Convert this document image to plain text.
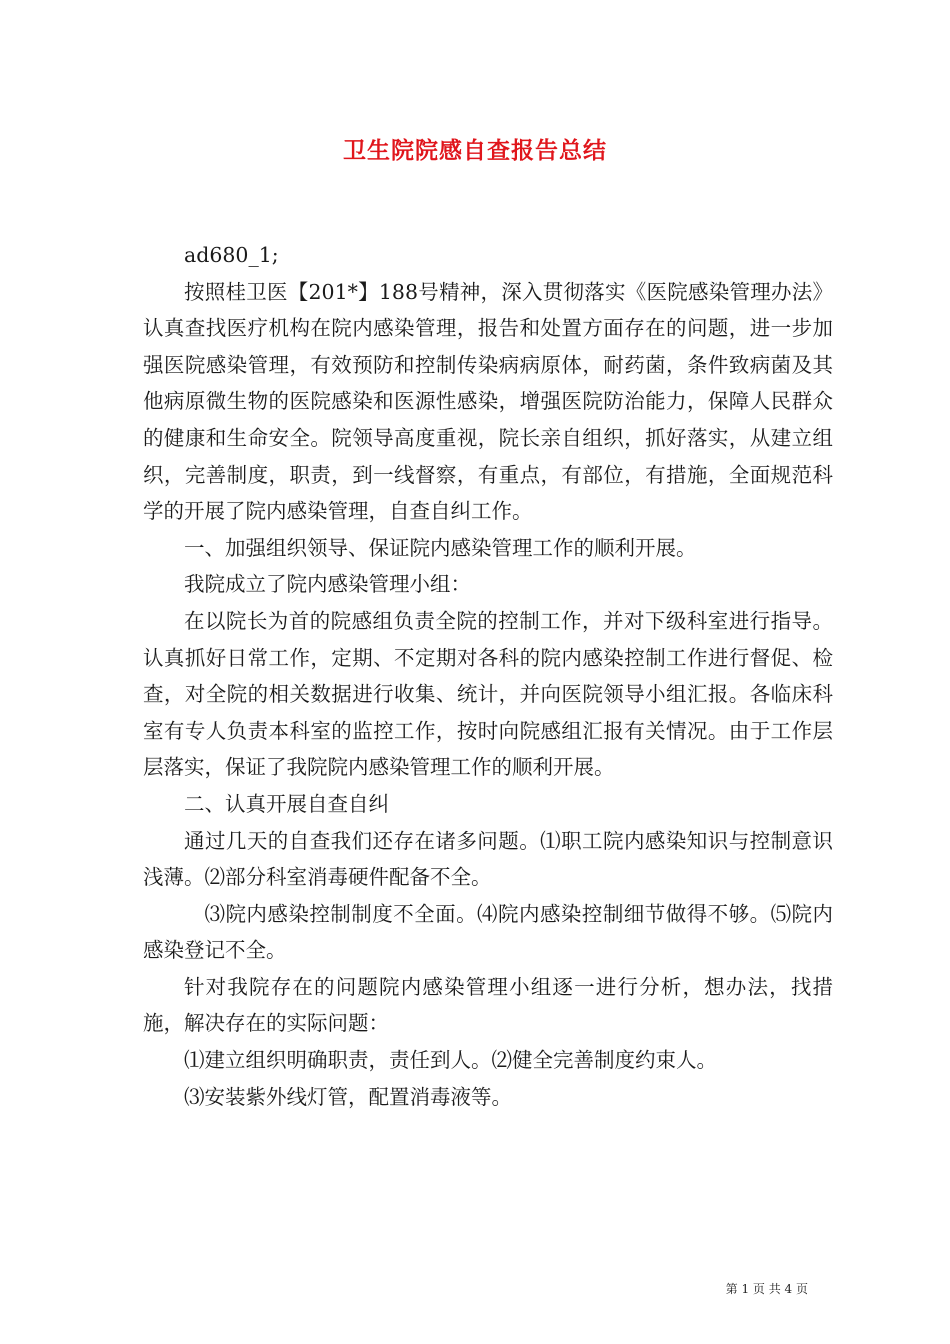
卫生院院感自查报告总结

ad680_1;

按照桂卫医【201*】188号精神，深入贯彻落实《医院感染管理办法》认真查找医疗机构在院内感染管理，报告和处置方面存在的问题，进一步加强医院感染管理，有效预防和控制传染病病原体，耐药菌，条件致病菌及其他病原微生物的医院感染和医源性感染，增强医院防治能力，保障人民群众的健康和生命安全。院领导高度重视，院长亲自组织，抓好落实，从建立组织，完善制度，职责，到一线督察，有重点，有部位，有措施，全面规范科学的开展了院内感染管理，自查自纠工作。

一、加强组织领导、保证院内感染管理工作的顺利开展。

我院成立了院内感染管理小组：

在以院长为首的院感组负责全院的控制工作，并对下级科室进行指导。认真抓好日常工作，定期、不定期对各科的院内感染控制工作进行督促、检查，对全院的相关数据进行收集、统计，并向医院领导小组汇报。各临床科室有专人负责本科室的监控工作，按时向院感组汇报有关情况。由于工作层层落实，保证了我院院内感染管理工作的顺利开展。

二、认真开展自查自纠

通过几天的自查我们还存在诸多问题。⑴职工院内感染知识与控制意识浅薄。⑵部分科室消毒硬件配备不全。

⑶院内感染控制制度不全面。⑷院内感染控制细节做得不够。⑸院内感染登记不全。

针对我院存在的问题院内感染管理小组逐一进行分析，想办法，找措施，解决存在的实际问题：

⑴建立组织明确职责，责任到人。⑵健全完善制度约束人。

⑶安装紫外线灯管，配置消毒液等。

第 1 页 共 4 页
